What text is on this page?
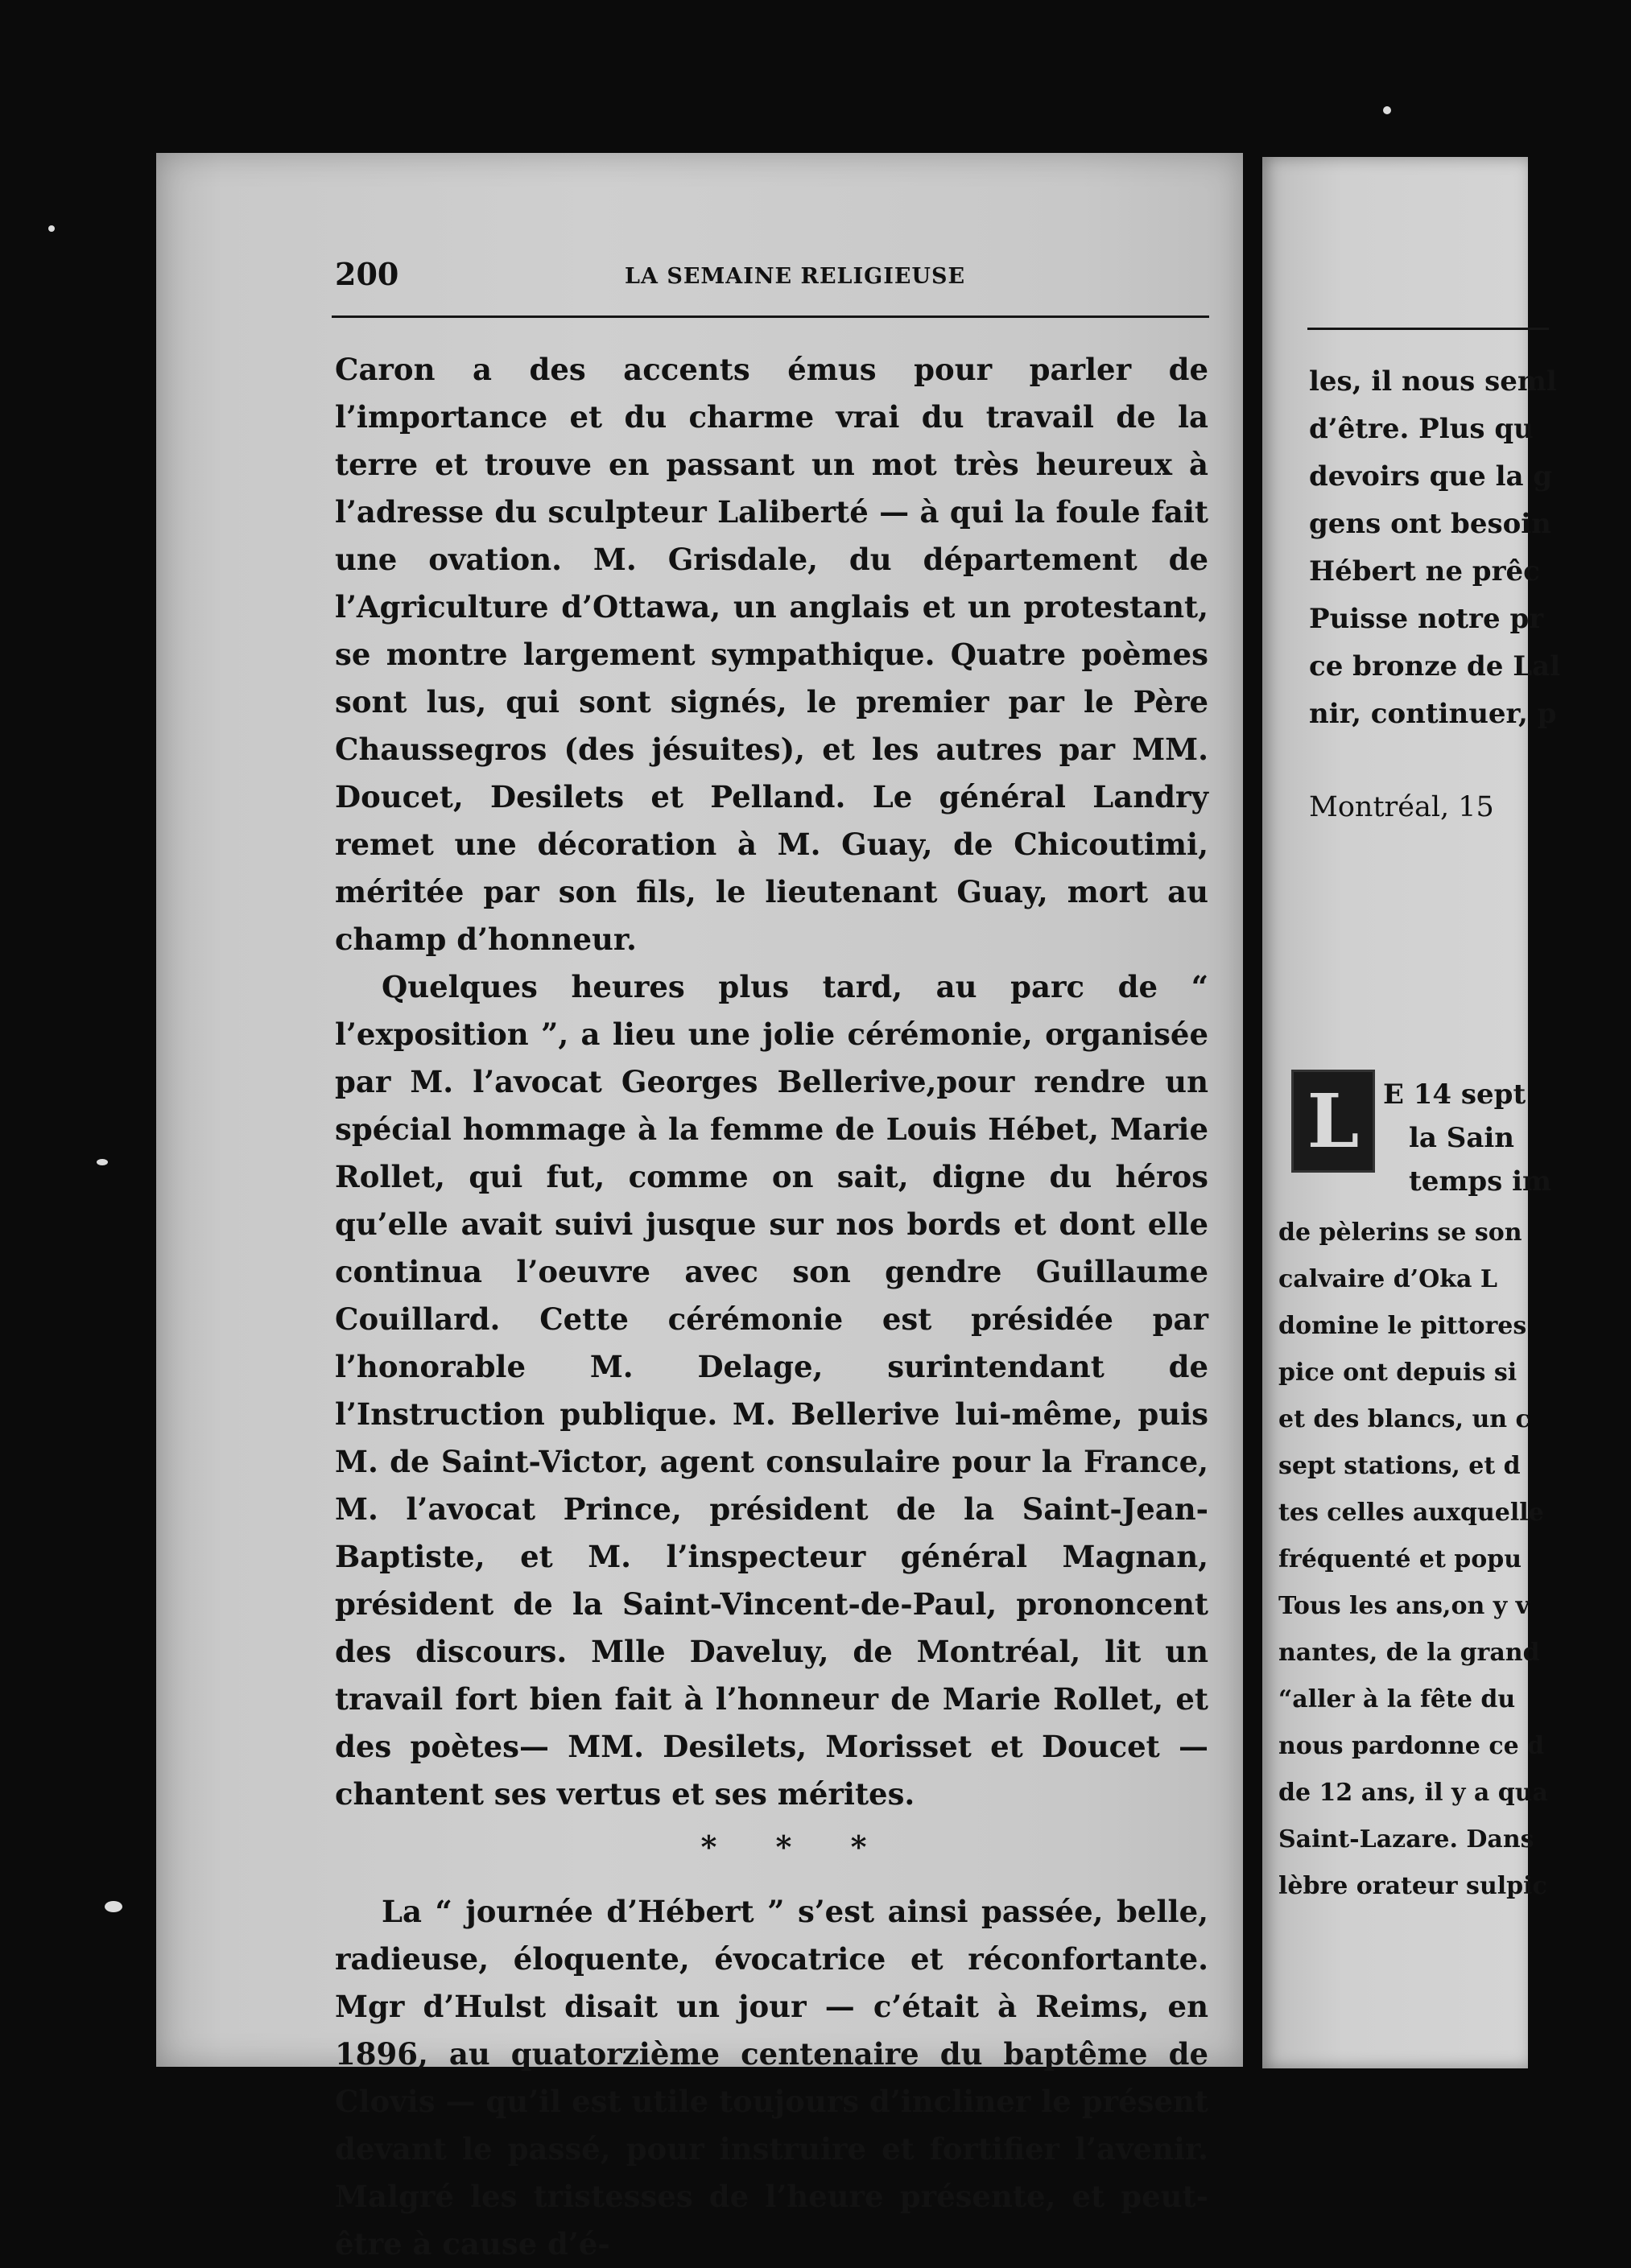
200	LA SEMAINE RELIGIEUSE

Caron a des accents émus pour parler de l’importance et du charme vrai du travail de la terre et trouve en passant un mot très heureux à l’adresse du sculpteur Laliberté — à qui la foule fait une ovation. M. Grisdale, du département de l’Agriculture d’Ottawa, un anglais et un protestant, se montre largement sympathique. Quatre poèmes sont lus, qui sont signés, le premier par le Père Chaussegros (des jésuites), et les autres par MM. Doucet, Desilets et Pelland. Le général Landry remet une décoration à M. Guay, de Chicoutimi, méritée par son fils, le lieutenant Guay, mort au champ d’honneur.

Quelques heures plus tard, au parc de “ l’exposition ”, a lieu une jolie cérémonie, organisée par M. l’avocat Georges Bellerive,pour rendre un spécial hommage à la femme de Louis Hébet, Marie Rollet, qui fut, comme on sait, digne du héros qu’elle avait suivi jusque sur nos bords et dont elle continua l’oeuvre avec son gendre Guillaume Couillard. Cette cérémonie est présidée par l’honorable M. Delage, surintendant de l’Instruction publique. M. Bellerive lui-même, puis M. de Saint-Victor, agent consulaire pour la France, M. l’avocat Prince, président de la Saint-Jean-Baptiste, et M. l’inspecteur général Magnan, président de la Saint-Vincent-de-Paul, prononcent des discours. Mlle Daveluy, de Montréal, lit un travail fort bien fait à l’honneur de Marie Rollet, et des poètes— MM. Desilets, Morisset et Doucet — chantent ses vertus et ses mérites.

* * *

La “ journée d’Hébert ” s’est ainsi passée, belle, radieuse, éloquente, évocatrice et réconfortante. Mgr d’Hulst disait un jour — c’était à Reims, en 1896, au quatorzième centenaire du baptême de Clovis — qu’il est utile toujours d’incliner le présent devant le passé, pour instruire et fortifier l’avenir. Malgré les tristesses de l’heure présente, et peut-être à cause d’é-

les, il nous seml
d’être. Plus qu
devoirs que la g
gens ont besoin
Hébert ne prêc
Puisse notre pr
ce bronze de Lal
nir, continuer, p
Montréal, 15
L E 14 sept
la Sain
temps im
de pèlerins se son
calvaire d’Oka L
domine le pittores
pice ont depuis si
et des blancs, un c
sept stations, et d
tes celles auxquelle
fréquenté et popu
Tous les ans,on y v
nantes, de la grand
“aller à la fête du
nous pardonne ce d
de 12 ans, il y a qua
Saint-Lazare. Dans
lèbre orateur sulpic
